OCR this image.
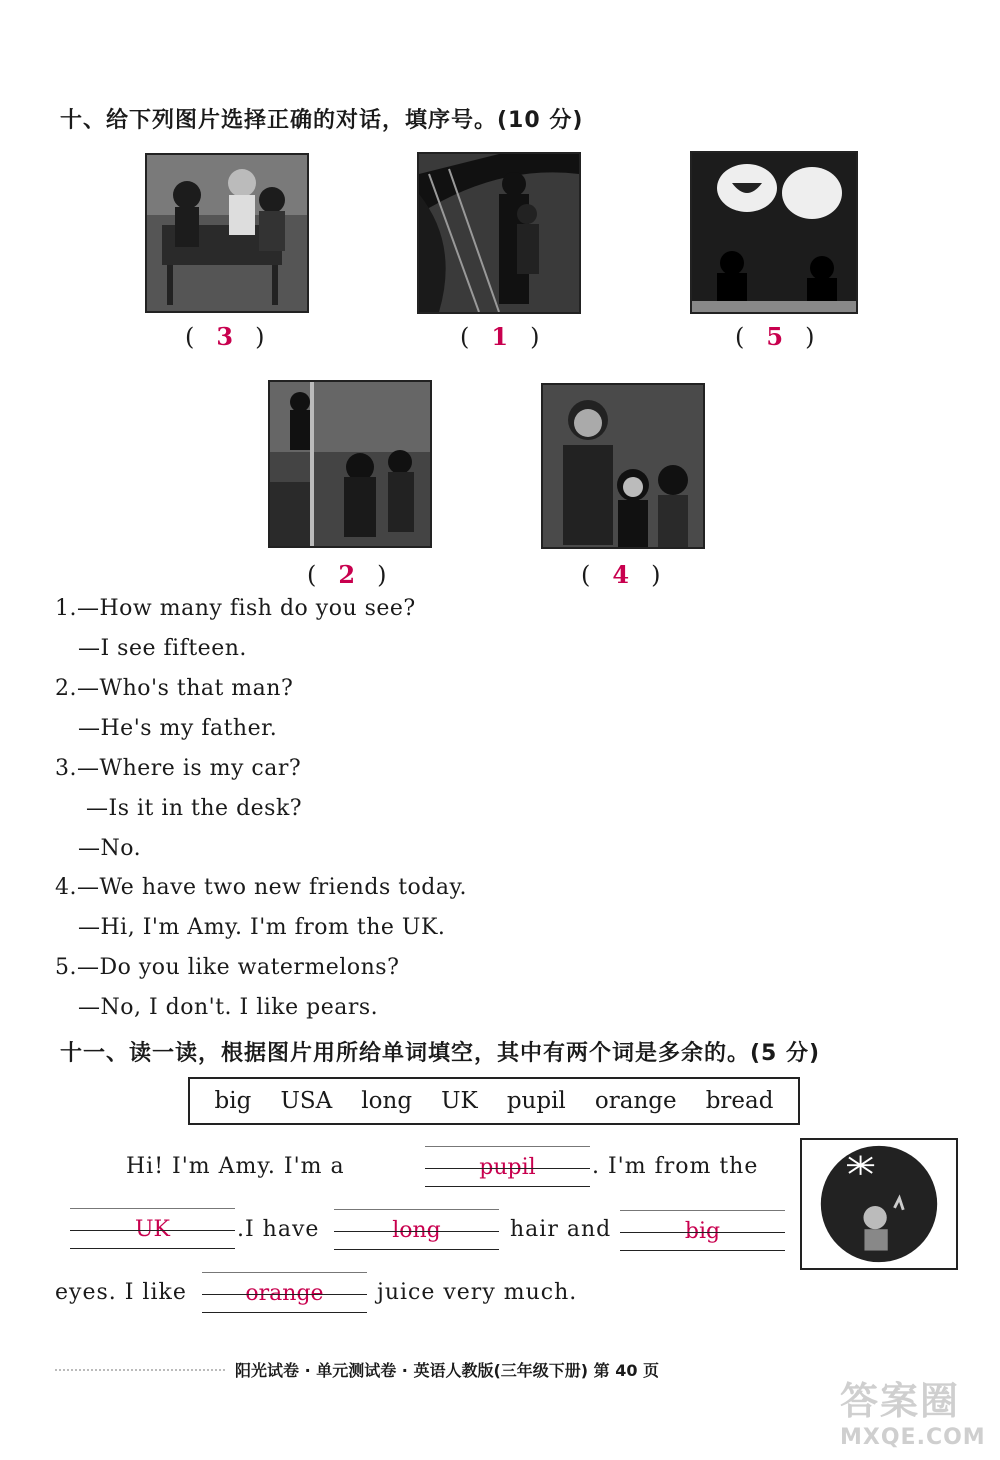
十、给下列图片选择正确的对话，填序号。(10 分)
( 3 )	( 1 )	( 5 )
( 2 )	( 4 )
1.—How many fish do you see?
—I see fifteen.
2.—Who's that man?
—He's my father.
3.—Where is my car?
—Is it in the desk?
—No.
4.—We have two new friends today.
—Hi, I'm Amy. I'm from the UK.
5.—Do you like watermelons?
—No, I don't. I like pears.
十一、读一读，根据图片用所给单词填空，其中有两个词是多余的。(5 分)
big USA long UK pupil orange bread
Hi! I'm Amy. I'm a	pupil	. I'm from the
UK	.I have	long	hair and	big
eyes. I like	orange	juice very much.
阳光试卷 · 单元测试卷 · 英语人教版(三年级下册) 第 40 页
答案圈
MXQE.COM
